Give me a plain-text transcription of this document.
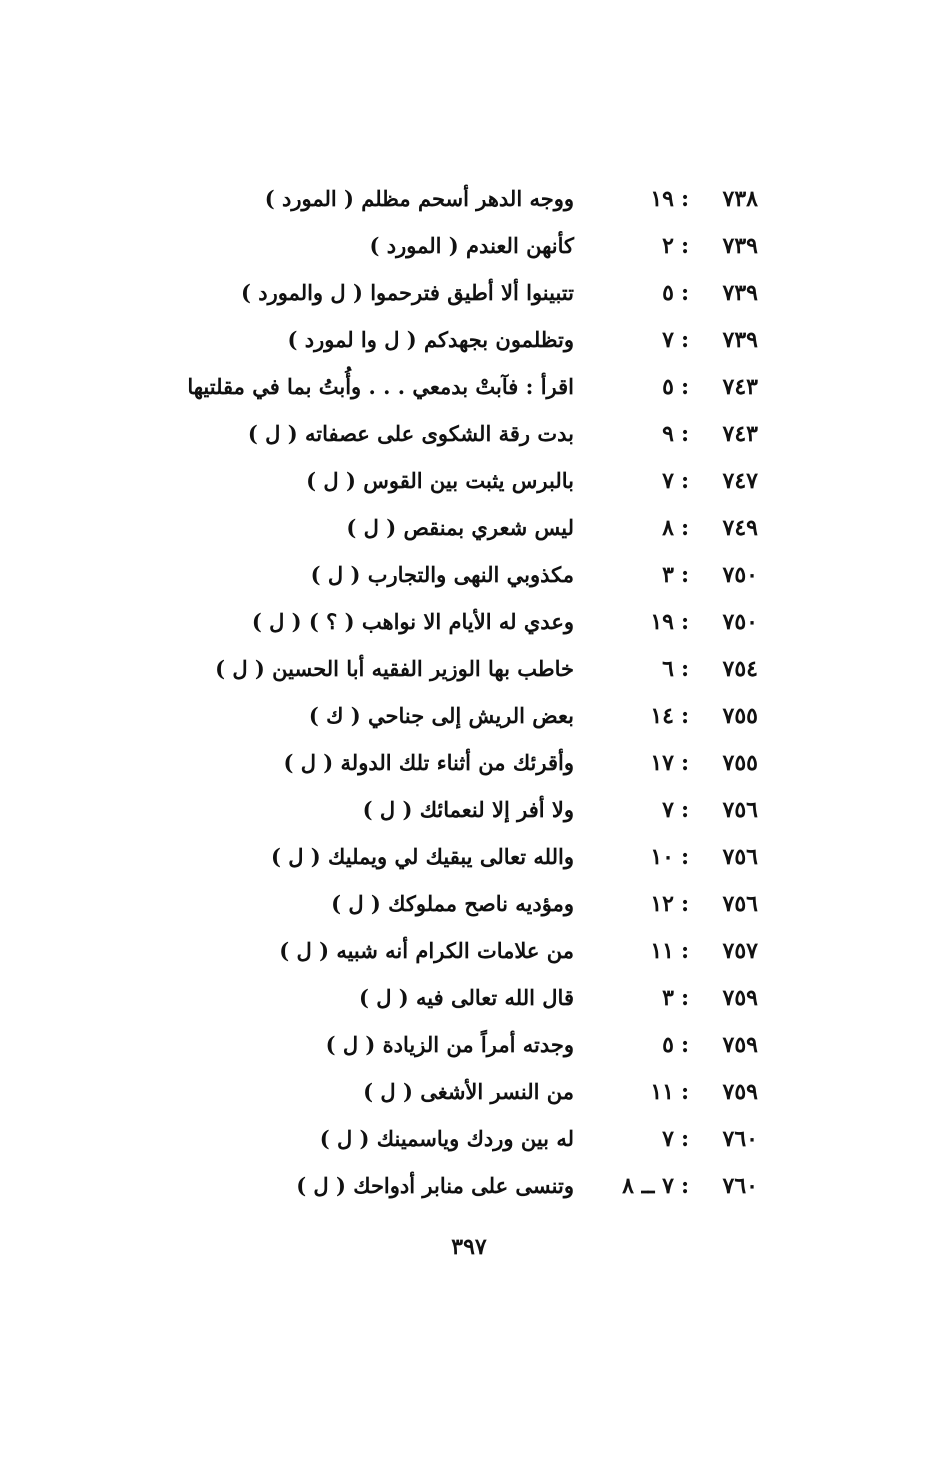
٧٣٨
:
١٩
ووجه الدهر أسحم مظلم ( المورد )
٧٣٩
:
٢
كأنهن العندم ( المورد )
٧٣٩
:
٥
تتبينوا ألا أطيق فترحموا ( ل والمورد )
٧٣٩
:
٧
وتظلمون بجهدكم ( ل وا لمورد )
٧٤٣
:
٥
اقرأ : فآبتْ بدمعي . . . وأُبتُ بما في مقلتيها
٧٤٣
:
٩
بدت رقة الشكوى على عصفاته ( ل )
٧٤٧
:
٧
بالبرس يثبت بين القوس ( ل )
٧٤٩
:
٨
ليس شعري بمنقص ( ل )
٧٥٠
:
٣
مكذوبي النهى والتجارب ( ل )
٧٥٠
:
١٩
وعدي له الأيام الا نواهب ( ؟ ) ( ل )
٧٥٤
:
٦
خاطب بها الوزير الفقيه أبا الحسين ( ل )
٧٥٥
:
١٤
بعض الريش إلى جناحي ( ك )
٧٥٥
:
١٧
وأقرئك من أثناء تلك الدولة ( ل )
٧٥٦
:
٧
ولا أفر إلا لنعمائك ( ل )
٧٥٦
:
١٠
والله تعالى يبقيك لي ويمليك ( ل )
٧٥٦
:
١٢
ومؤديه ناصح مملوكك ( ل )
٧٥٧
:
١١
من علامات الكرام أنه شبيه ( ل )
٧٥٩
:
٣
قال الله تعالى فيه ( ل )
٧٥٩
:
٥
وجدته أمراً من الزيادة ( ل )
٧٥٩
:
١١
من النسر الأشغى ( ل )
٧٦٠
:
٧
له بين وردك وياسمينك ( ل )
٧٦٠
:
٧ ــ ٨
وتنسى على منابر أدواحك ( ل )
٣٩٧
